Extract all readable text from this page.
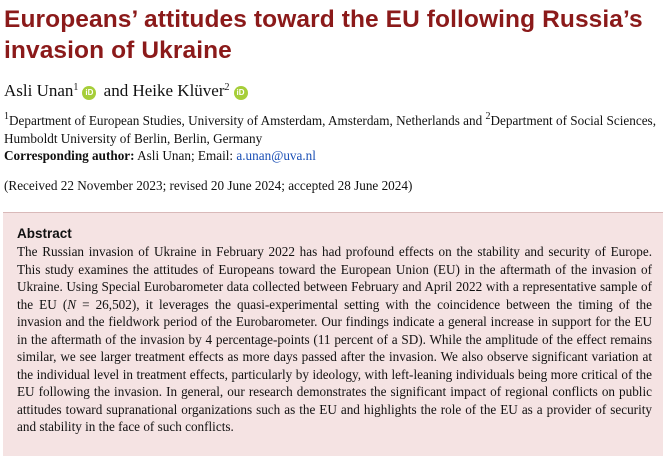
Europeans’ attitudes toward the EU following Russia’s invasion of Ukraine
Asli Unan$^1$ iD and Heike Klüver$^2$ iD
$^1$Department of European Studies, University of Amsterdam, Amsterdam, Netherlands and $^2$Department of Social Sciences, Humboldt University of Berlin, Berlin, Germany
Corresponding author: Asli Unan; Email: a.unan@uva.nl
(Received 22 November 2023; revised 20 June 2024; accepted 28 June 2024)
Abstract

The Russian invasion of Ukraine in February 2022 has had profound effects on the stability and security of Europe. This study examines the attitudes of Europeans toward the European Union (EU) in the aftermath of the invasion of Ukraine. Using Special Eurobarometer data collected between February and April 2022 with a representative sample of the EU (N = 26,502), it leverages the quasi-experimental setting with the coincidence between the timing of the invasion and the fieldwork period of the Eurobarometer. Our findings indicate a general increase in support for the EU in the aftermath of the invasion by 4 percentage-points (11 percent of a SD). While the amplitude of the effect remains similar, we see larger treatment effects as more days passed after the invasion. We also observe significant variation at the individual level in treatment effects, particularly by ideology, with left-leaning individuals being more critical of the EU following the invasion. In general, our research demonstrates the significant impact of regional conflicts on public attitudes toward supranational organizations such as the EU and highlights the role of the EU as a provider of security and stability in the face of such conflicts.
